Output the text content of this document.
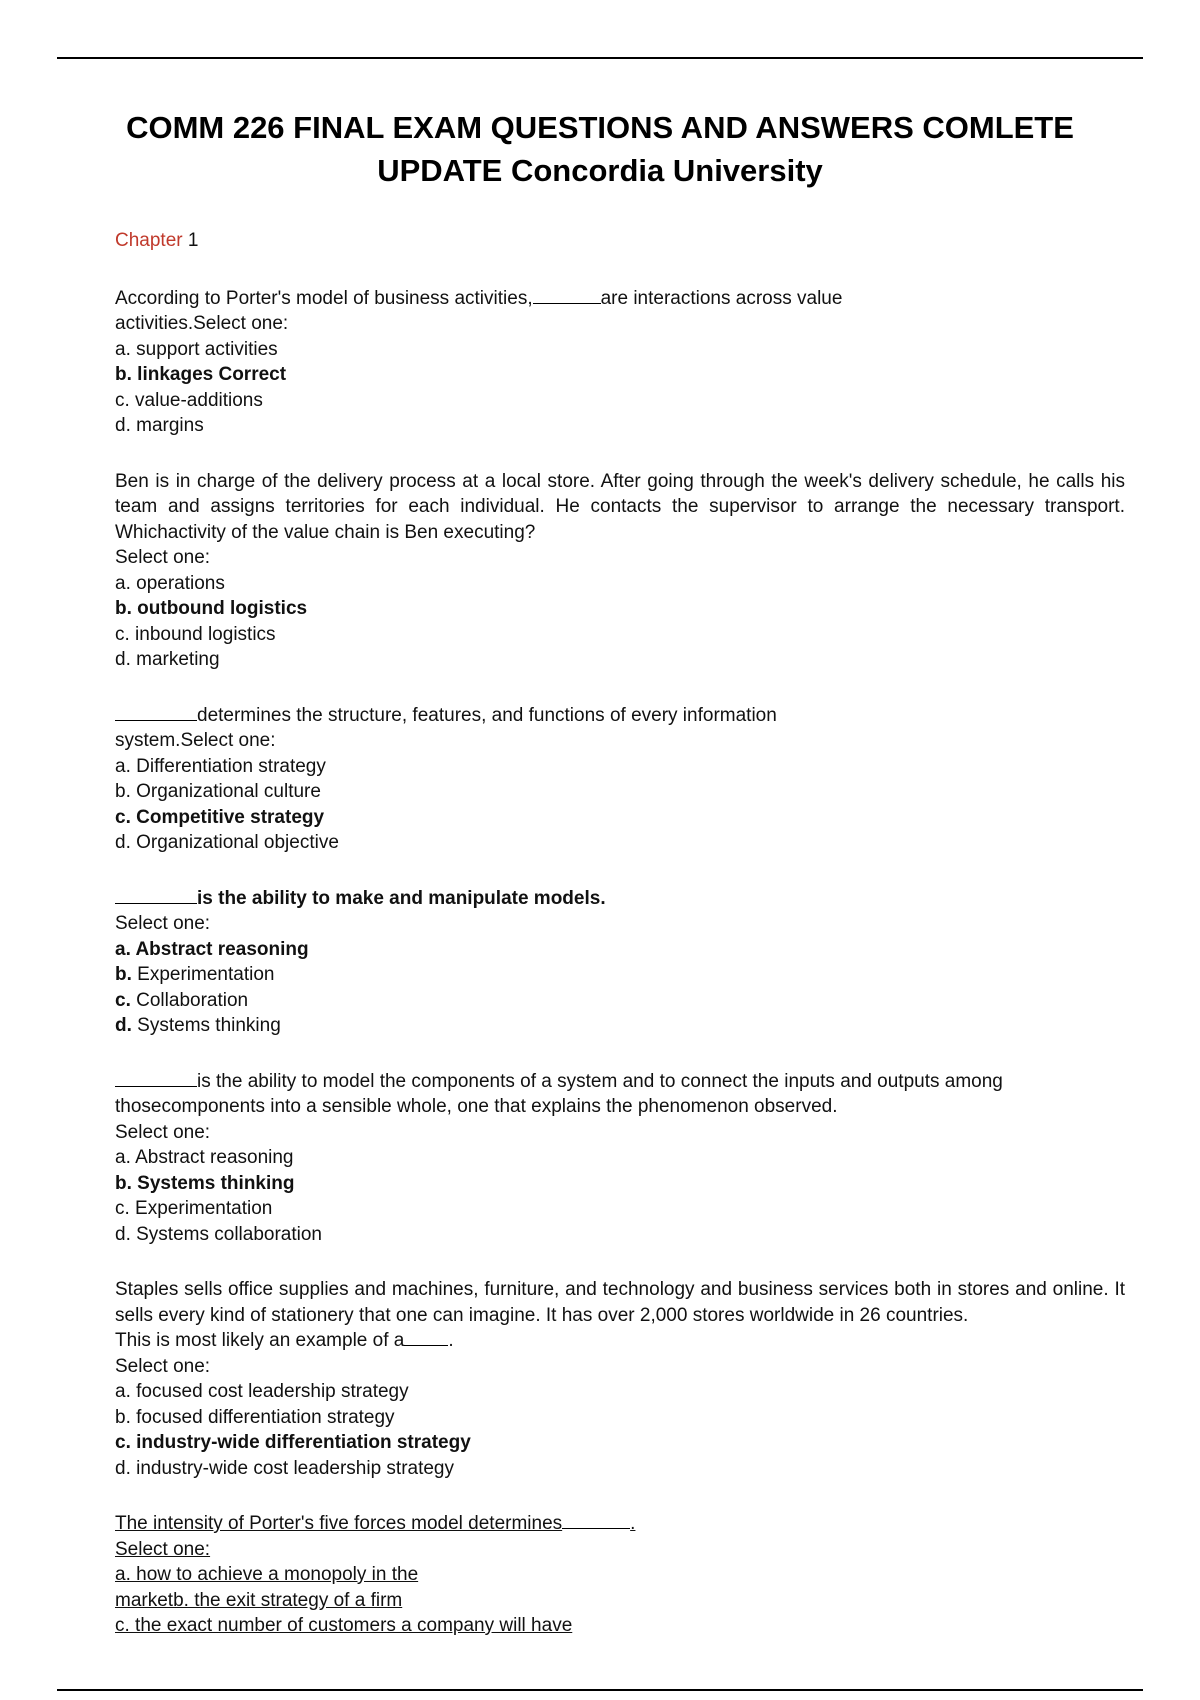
COMM 226 FINAL EXAM QUESTIONS AND ANSWERS COMLETE
UPDATE Concordia University
Chapter 1
According to Porter's model of business activities,	are interactions across value
activities.Select one:
a. support activities
b. linkages Correct
c. value-additions
d. margins
Ben is in charge of the delivery process at a local store. After going through the week's delivery schedule, he calls his team and assigns territories for each individual. He contacts the supervisor to arrange the necessary transport. Whichactivity of the value chain is Ben executing?
Select one:
a. operations
b. outbound logistics
c. inbound logistics
d. marketing
determines the structure, features, and functions of every information
system.Select one:
a. Differentiation strategy
b. Organizational culture
c. Competitive strategy
d. Organizational objective
is the ability to make and manipulate models.
Select one:
a. Abstract reasoning
b. Experimentation
c. Collaboration
d. Systems thinking
is the ability to model the components of a system and to connect the inputs and outputs among
thosecomponents into a sensible whole, one that explains the phenomenon observed.
Select one:
a. Abstract reasoning
b. Systems thinking
c. Experimentation
d. Systems collaboration
Staples sells office supplies and machines, furniture, and technology and business services both in stores and online. It sells every kind of stationery that one can imagine. It has over 2,000 stores worldwide in 26 countries.
This is most likely an example of a .
Select one:
a. focused cost leadership strategy
b. focused differentiation strategy
c. industry-wide differentiation strategy
d. industry-wide cost leadership strategy
The intensity of Porter's five forces model determines	.
Select one:
a. how to achieve a monopoly in the
marketb. the exit strategy of a firm
c. the exact number of customers a company will have
